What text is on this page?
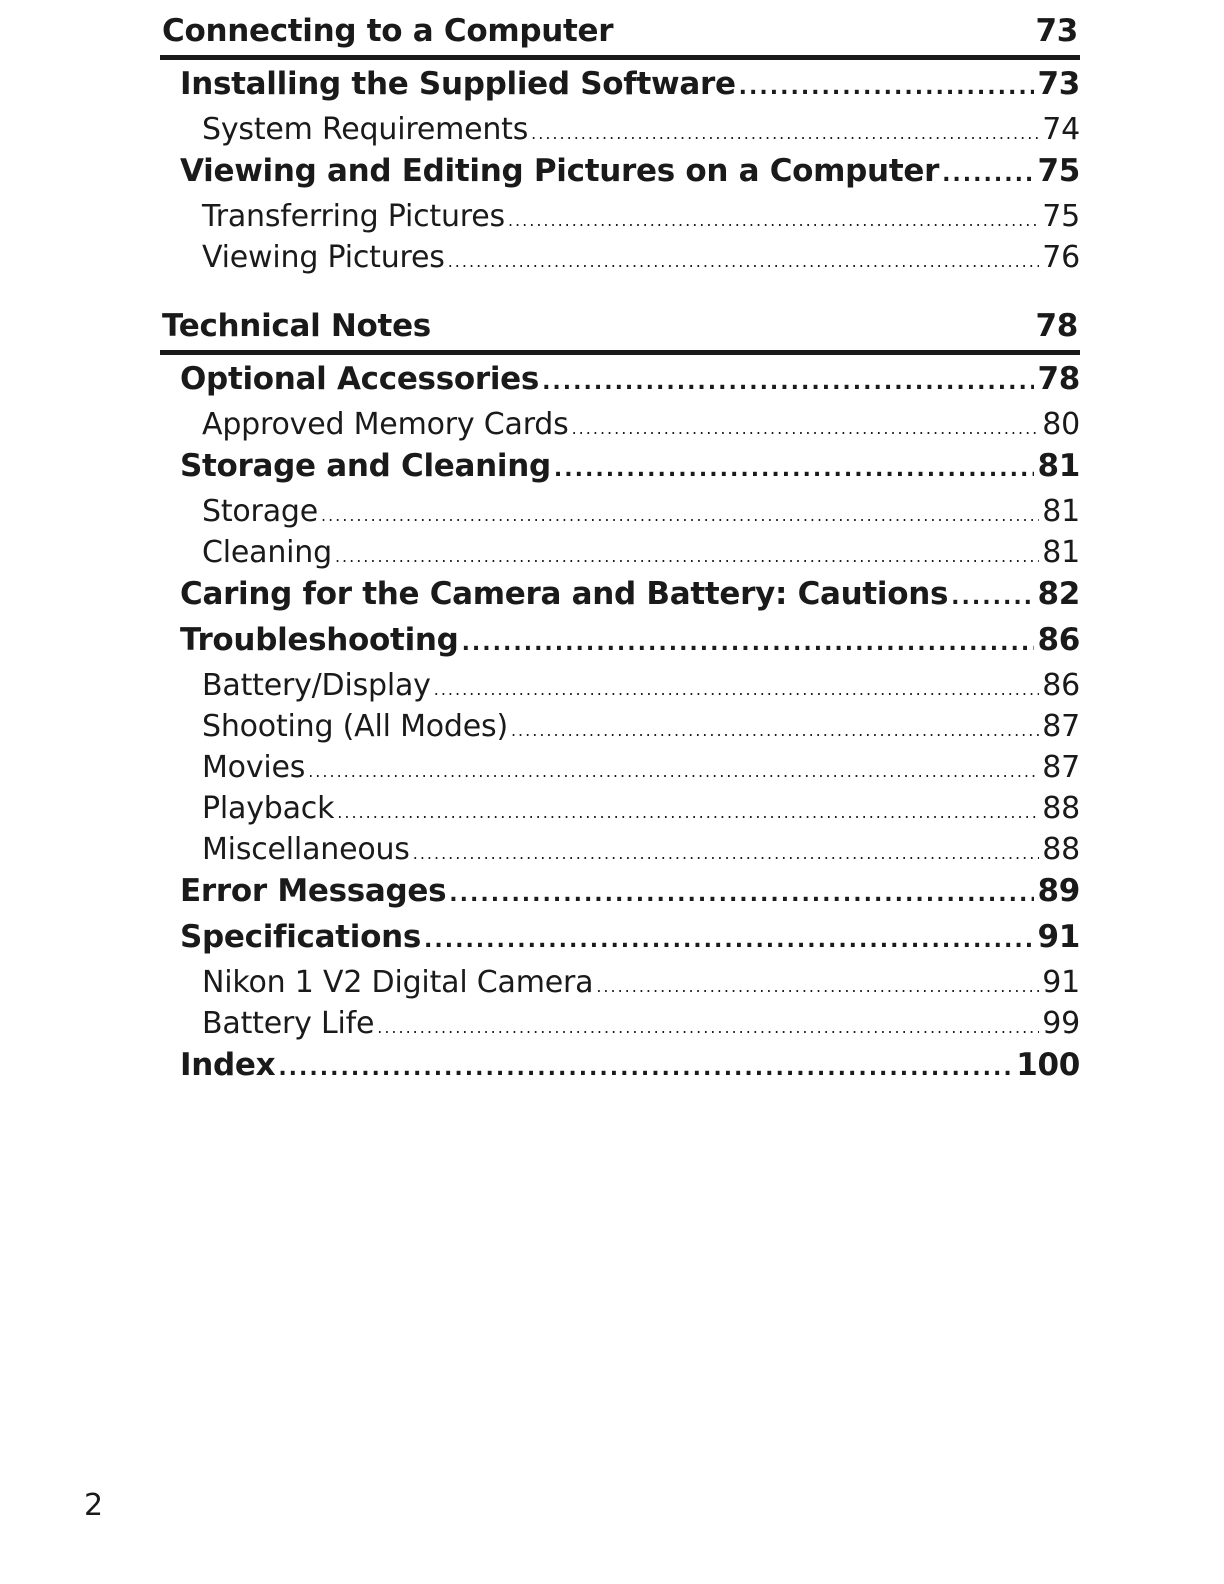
Connecting to a Computer	73
Installing the Supplied Software .....	73
System Requirements .....	74
Viewing and Editing Pictures on a Computer .....	75
Transferring Pictures .....	75
Viewing Pictures .....	76
Technical Notes	78
Optional Accessories .....	78
Approved Memory Cards .....	80
Storage and Cleaning .....	81
Storage .....	81
Cleaning .....	81
Caring for the Camera and Battery: Cautions .....	82
Troubleshooting .....	86
Battery/Display .....	86
Shooting (All Modes) .....	87
Movies .....	87
Playback .....	88
Miscellaneous .....	88
Error Messages .....	89
Specifications .....	91
Nikon 1 V2 Digital Camera .....	91
Battery Life .....	99
Index .....	100
2
